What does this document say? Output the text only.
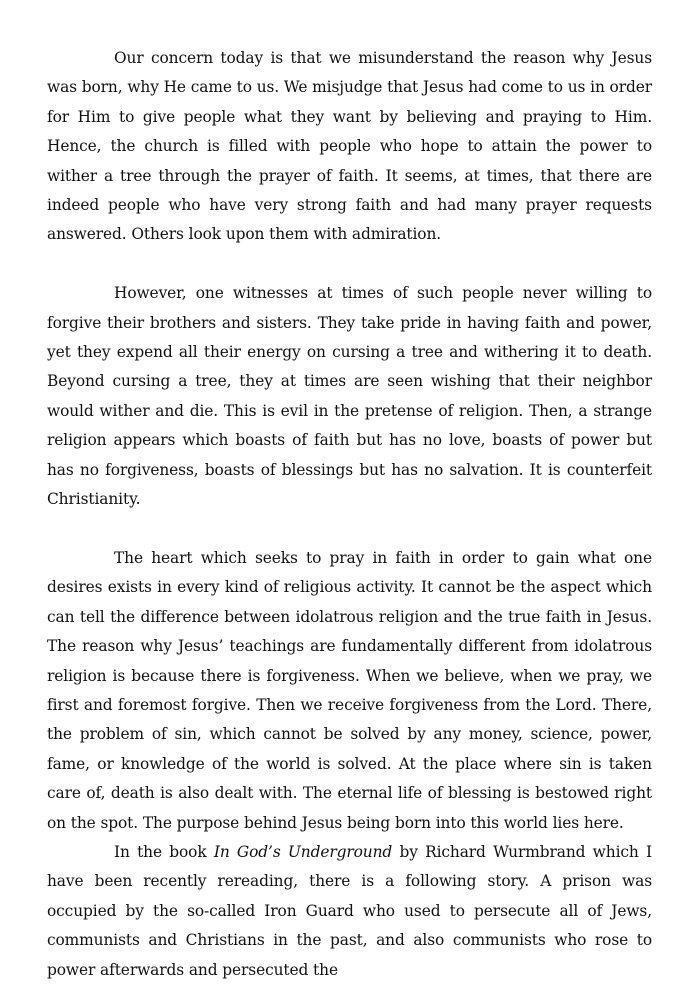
Our concern today is that we misunderstand the reason why Jesus was born, why He came to us. We misjudge that Jesus had come to us in order for Him to give people what they want by believing and praying to Him. Hence, the church is filled with people who hope to attain the power to wither a tree through the prayer of faith. It seems, at times, that there are indeed people who have very strong faith and had many prayer requests answered. Others look upon them with admiration.

However, one witnesses at times of such people never willing to forgive their brothers and sisters. They take pride in having faith and power, yet they expend all their energy on cursing a tree and withering it to death. Beyond cursing a tree, they at times are seen wishing that their neighbor would wither and die. This is evil in the pretense of religion. Then, a strange religion appears which boasts of faith but has no love, boasts of power but has no forgiveness, boasts of blessings but has no salvation. It is counterfeit Christianity.

The heart which seeks to pray in faith in order to gain what one desires exists in every kind of religious activity. It cannot be the aspect which can tell the difference between idolatrous religion and the true faith in Jesus. The reason why Jesus’ teachings are fundamentally different from idolatrous religion is because there is forgiveness. When we believe, when we pray, we first and foremost forgive. Then we receive forgiveness from the Lord. There, the problem of sin, which cannot be solved by any money, science, power, fame, or knowledge of the world is solved. At the place where sin is taken care of, death is also dealt with. The eternal life of blessing is bestowed right on the spot. The purpose behind Jesus being born into this world lies here.

In the book In God’s Underground by Richard Wurmbrand which I have been recently rereading, there is a following story. A prison was occupied by the so-called Iron Guard who used to persecute all of Jews, communists and Christians in the past, and also communists who rose to power afterwards and persecuted the
